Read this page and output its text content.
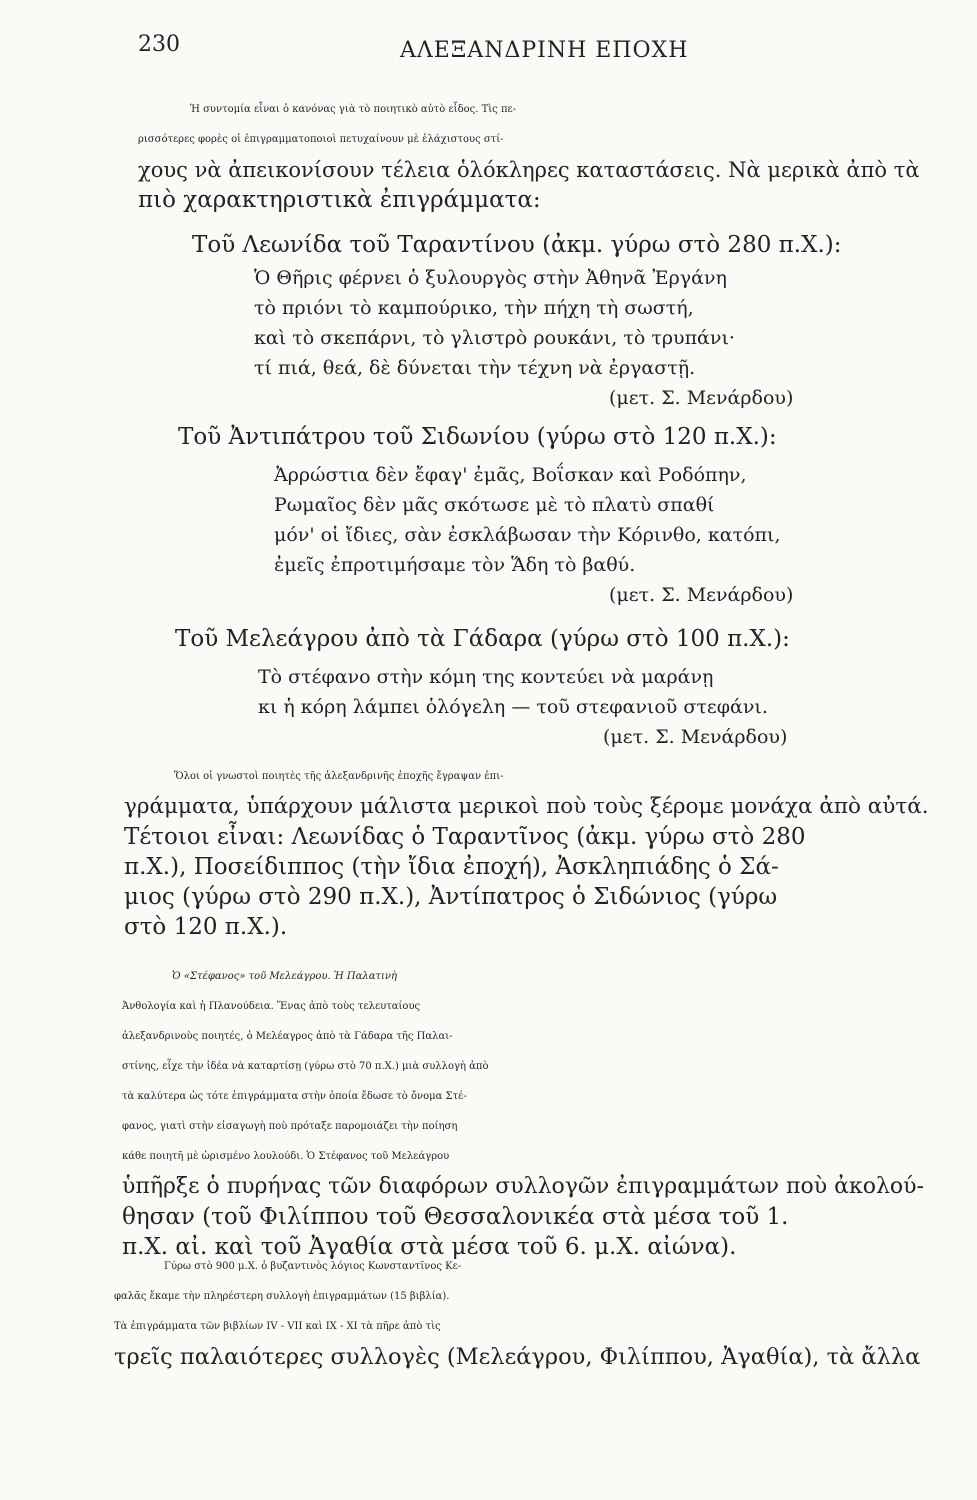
230	ΑΛΕΞΑΝΔΡΙΝΗ ΕΠΟΧΗ
Ἡ συντομία εἶναι ὁ κανόνας γιὰ τὸ ποιητικὸ αὐτὸ εἶδος. Τὶς πε-
ρισσότερες φορὲς οἱ ἐπιγραμματοποιοὶ πετυχαίνουν μὲ ἐλάχιστους στί-
χους νὰ ἀπεικονίσουν τέλεια ὁλόκληρες καταστάσεις. Νὰ μερικὰ ἀπὸ τὰ
πιὸ χαρακτηριστικὰ ἐπιγράμματα:
Τοῦ Λεωνίδα τοῦ Ταραντίνου (ἀκμ. γύρω στὸ 280 π.Χ.):
Ὁ Θῆρις φέρνει ὁ ξυλουργὸς στὴν Ἀθηνᾶ Ἐργάνη
τὸ πριόνι τὸ καμπούρικο, τὴν πήχη τὴ σωστή,
καὶ τὸ σκεπάρνι, τὸ γλιστρὸ ρουκάνι, τὸ τρυπάνι·
τί πιά, θεά, δὲ δύνεται τὴν τέχνη νὰ ἐργαστῇ.
(μετ. Σ. Μενάρδου)
Τοῦ Ἀντιπάτρου τοῦ Σιδωνίου (γύρω στὸ 120 π.Χ.):
Ἀρρώστια δὲν ἔφαγ' ἐμᾶς, Βοΐσκαν καὶ Ροδόπην,
Ρωμαῖος δὲν μᾶς σκότωσε μὲ τὸ πλατὺ σπαθί
μόν' οἱ ἴδιες, σὰν ἐσκλάβωσαν τὴν Κόρινθο, κατόπι,
ἐμεῖς ἐπροτιμήσαμε τὸν Ἅδη τὸ βαθύ.
(μετ. Σ. Μενάρδου)
Τοῦ Μελεάγρου ἀπὸ τὰ Γάδαρα (γύρω στὸ 100 π.Χ.):
Τὸ στέφανο στὴν κόμη της κοντεύει νὰ μαράνῃ
κι ἡ κόρη λάμπει ὁλόγελη — τοῦ στεφανιοῦ στεφάνι.
(μετ. Σ. Μενάρδου)
Ὅλοι οἱ γνωστοὶ ποιητὲς τῆς ἀλεξανδρινῆς ἐποχῆς ἔγραψαν ἐπι-
γράμματα, ὑπάρχουν μάλιστα μερικοὶ ποὺ τοὺς ξέρομε μονάχα ἀπὸ αὐτά.
Τέτοιοι εἶναι: Λεωνίδας ὁ Ταραντῖνος (ἀκμ. γύρω στὸ 280
π.Χ.), Ποσείδιππος (τὴν ἴδια ἐποχή), Ἀσκληπιάδης ὁ Σά-
μιος (γύρω στὸ 290 π.Χ.), Ἀντίπατρος ὁ Σιδώνιος (γύρω
στὸ 120 π.Χ.).
Ὁ «Στέφανος» τοῦ Μελεάγρου. Ἡ Παλατινὴ
Ἀνθολογία καὶ ἡ Πλανούδεια. Ἕνας ἀπὸ τοὺς τελευταίους
ἀλεξανδρινοὺς ποιητές, ὁ Μελέαγρος ἀπὸ τὰ Γάδαρα τῆς Παλαι-
στίνης, εἶχε τὴν ἰδέα νὰ καταρτίσῃ (γύρω στὸ 70 π.Χ.) μιὰ συλλογὴ ἀπὸ
τὰ καλύτερα ὡς τότε ἐπιγράμματα στὴν ὁποία ἔδωσε τὸ ὄνομα Στέ-
φανος, γιατὶ στὴν εἰσαγωγὴ ποὺ πρόταξε παρομοιάζει τὴν ποίηση
κάθε ποιητῆ μὲ ὡρισμένο λουλούδι. Ὁ Στέφανος τοῦ Μελεάγρου
ὑπῆρξε ὁ πυρήνας τῶν διαφόρων συλλογῶν ἐπιγραμμάτων ποὺ ἀκολού-
θησαν (τοῦ Φιλίππου τοῦ Θεσσαλονικέα στὰ μέσα τοῦ 1.
π.Χ. αἰ. καὶ τοῦ Ἀγαθία στὰ μέσα τοῦ 6. μ.Χ. αἰώνα).
Γύρω στὸ 900 μ.Χ. ὁ βυζαντινὸς λόγιος Κωνσταντῖνος Κε-
φαλᾶς ἔκαμε τὴν πληρέστερη συλλογὴ ἐπιγραμμάτων (15 βιβλία).
Τὰ ἐπιγράμματα τῶν βιβλίων IV - VII καὶ IX - XI τὰ πῆρε ἀπὸ τὶς
τρεῖς παλαιότερες συλλογὲς (Μελεάγρου, Φιλίππου, Ἀγαθία), τὰ ἄλλα
